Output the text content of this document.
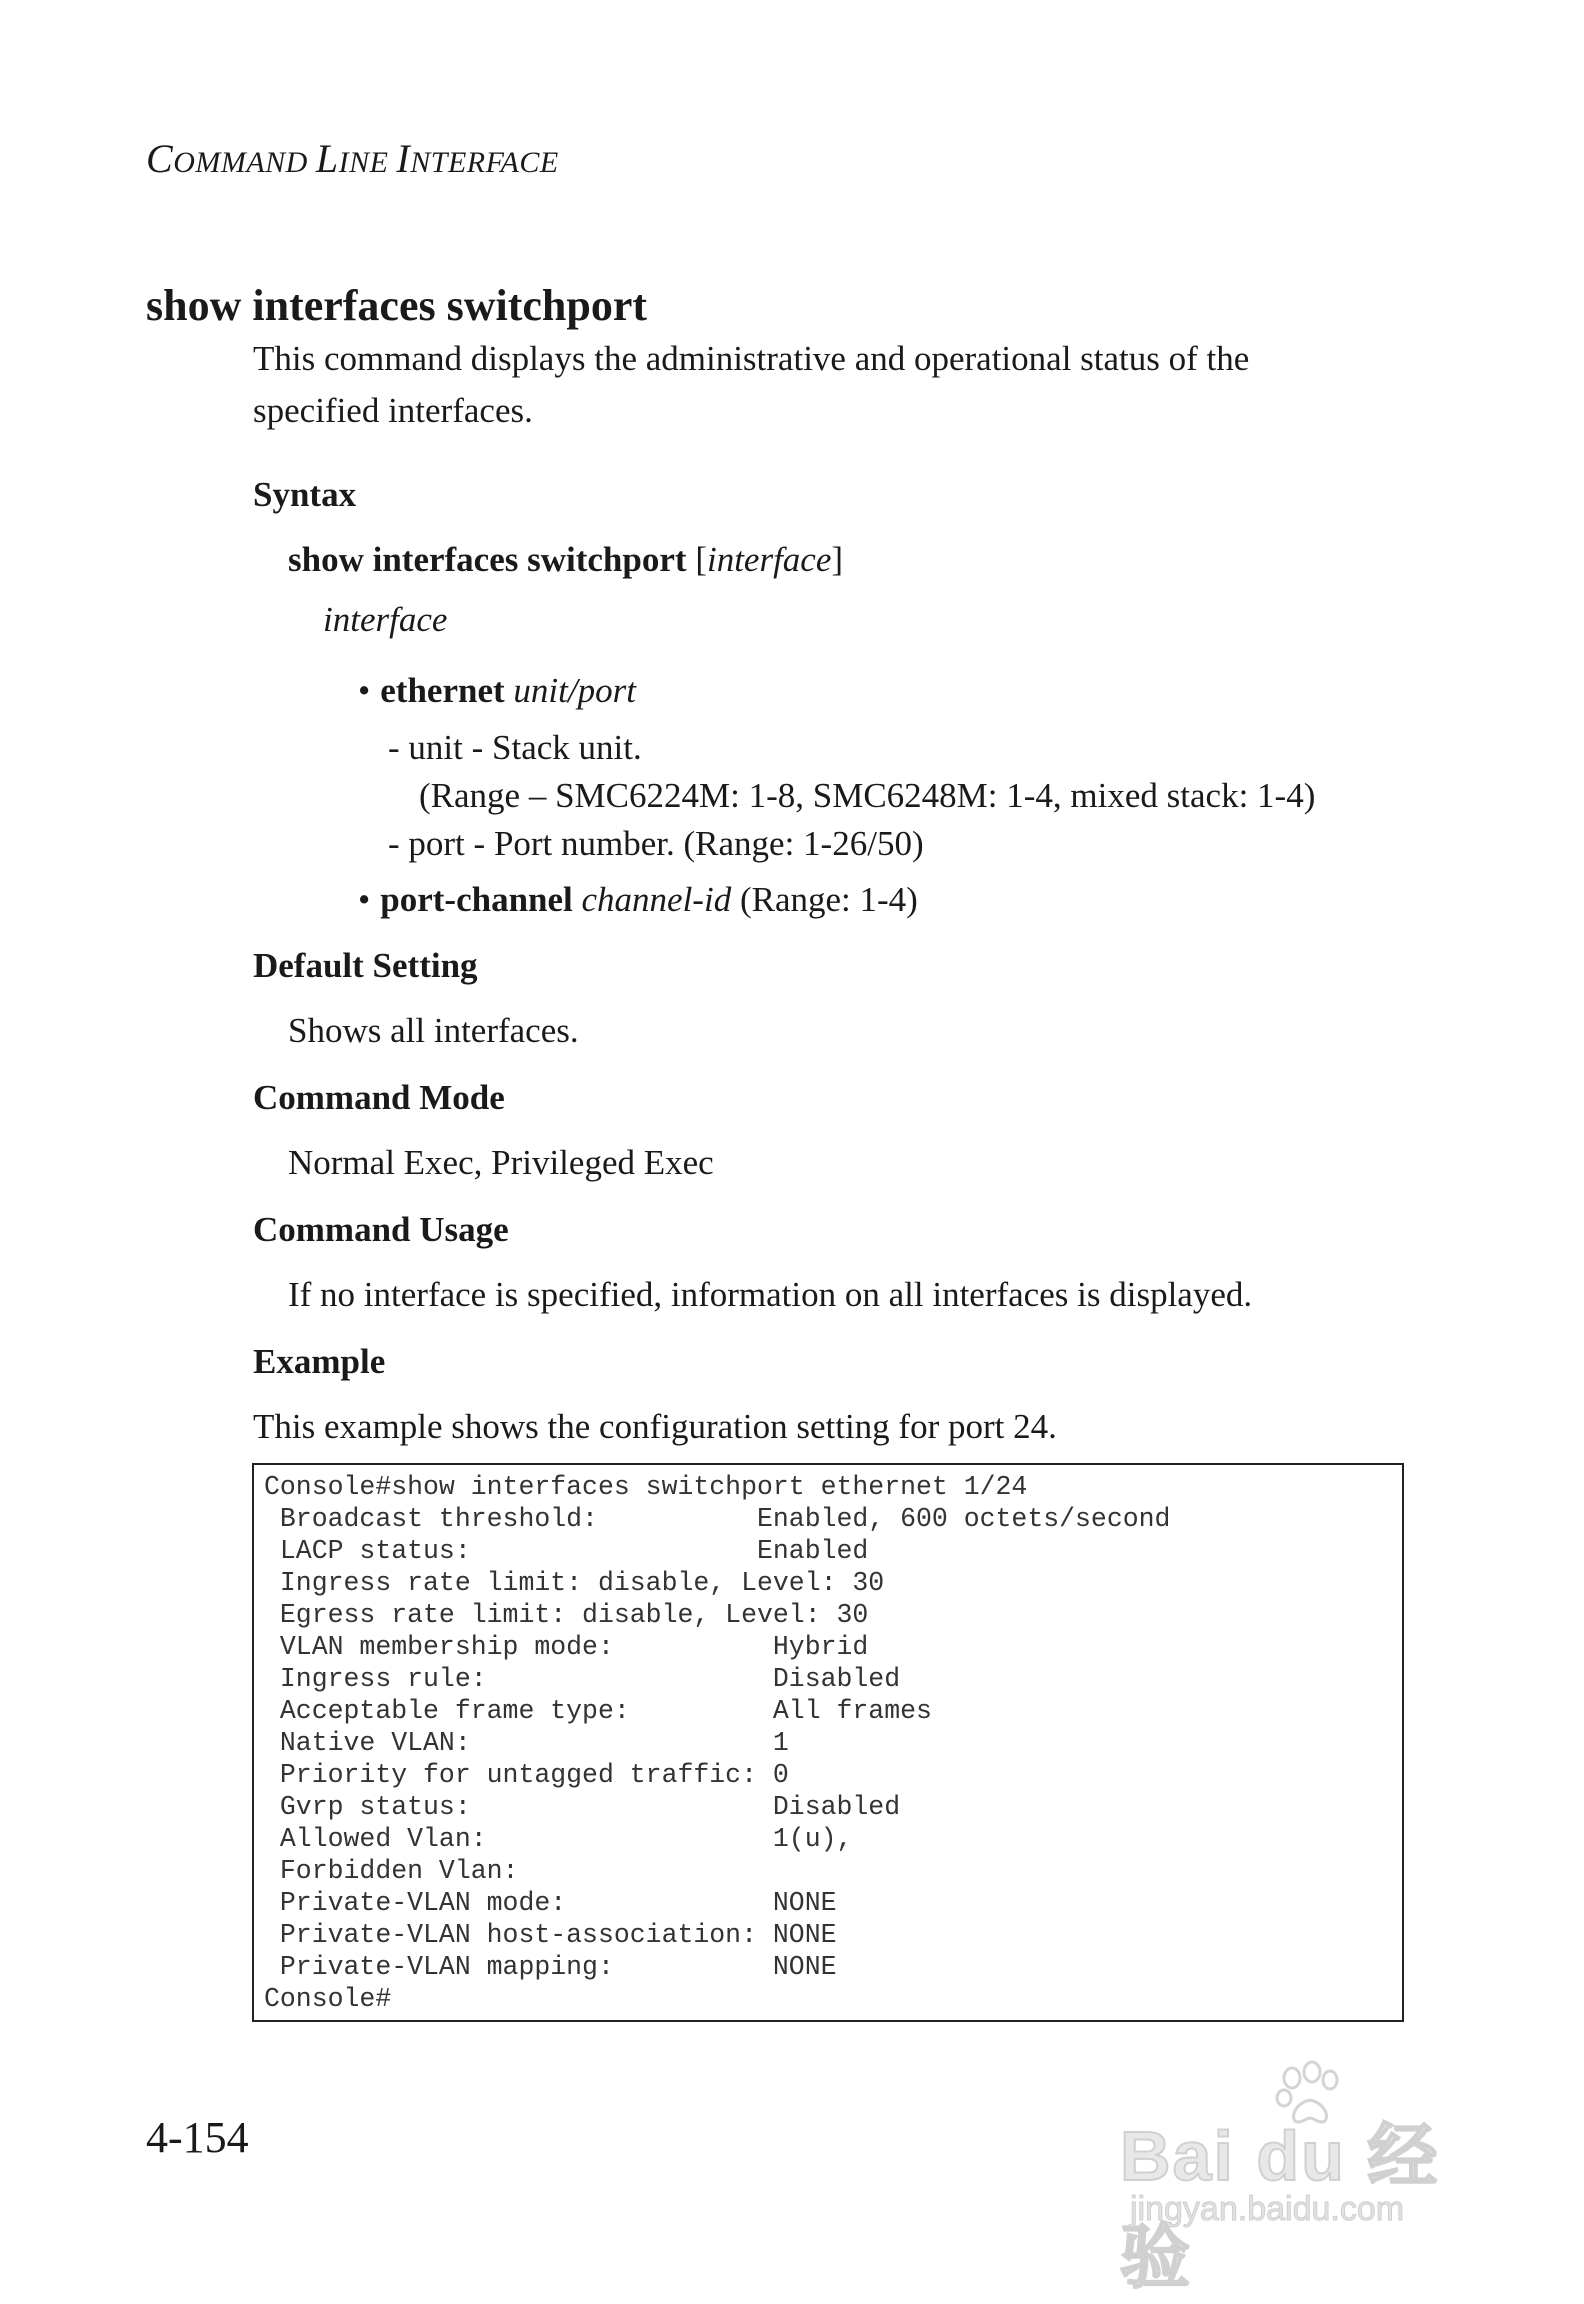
COMMAND LINE INTERFACE
show interfaces switchport
This command displays the administrative and operational status of the
specified interfaces.
Syntax
show interfaces switchport [interface]
interface
• ethernet unit/port
- unit - Stack unit.
(Range – SMC6224M: 1-8, SMC6248M: 1-4, mixed stack: 1-4)
- port - Port number. (Range: 1-26/50)
• port-channel channel-id (Range: 1-4)
Default Setting
Shows all interfaces.
Command Mode
Normal Exec, Privileged Exec
Command Usage
If no interface is specified, information on all interfaces is displayed.
Example
This example shows the configuration setting for port 24.
Console#show interfaces switchport ethernet 1/24
Broadcast threshold:          Enabled, 600 octets/second
LACP status:                  Enabled
Ingress rate limit: disable, Level: 30
Egress rate limit: disable, Level: 30
VLAN membership mode:          Hybrid
Ingress rule:                  Disabled
Acceptable frame type:         All frames
Native VLAN:                   1
Priority for untagged traffic: 0
Gvrp status:                   Disabled
Allowed Vlan:                  1(u),
Forbidden Vlan:
Private-VLAN mode:             NONE
Private-VLAN host-association: NONE
Private-VLAN mapping:          NONE
Console#
4-154	Bai du 经验
jingyan.baidu.com
